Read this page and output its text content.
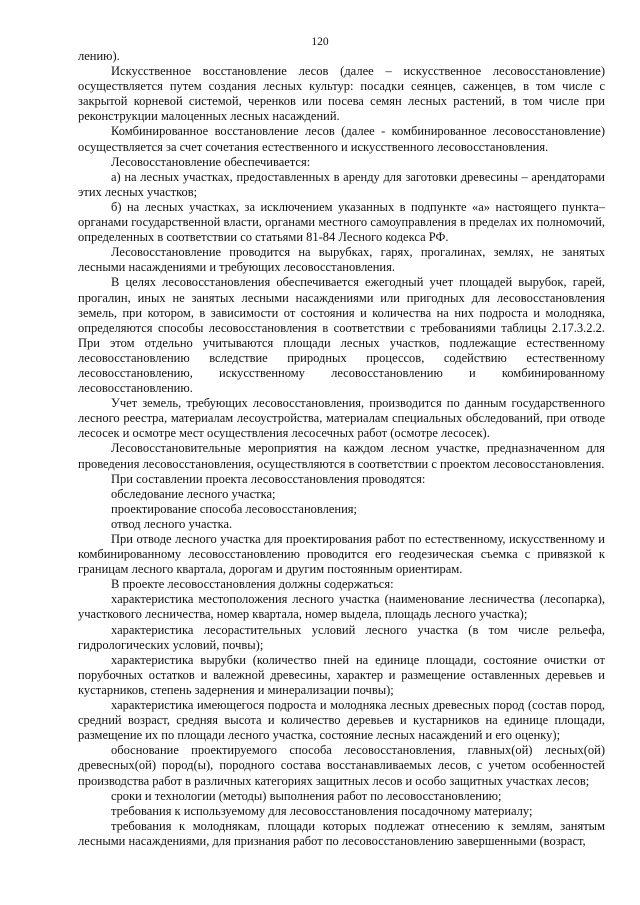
120

лению).

Искусственное восстановление лесов (далее – искусственное лесовосстановление) осуществляется путем создания лесных культур: посадки сеянцев, саженцев, в том числе с закрытой корневой системой, черенков или посева семян лесных растений, в том числе при реконструкции малоценных лесных насаждений.

Комбинированное восстановление лесов (далее - комбинированное лесовосстановление) осуществляется за счет сочетания естественного и искусственного лесовосстановления.

Лесовосстановление обеспечивается:

а) на лесных участках, предоставленных в аренду для заготовки древесины – арендаторами этих лесных участков;

б) на лесных участках, за исключением указанных в подпункте «а» настоящего пункта– органами государственной власти, органами местного самоуправления в пределах их полномочий, определенных в соответствии со статьями 81-84 Лесного кодекса РФ.

Лесовосстановление проводится на вырубках, гарях, прогалинах, землях, не занятых лесными насаждениями и требующих лесовосстановления.

В целях лесовосстановления обеспечивается ежегодный учет площадей вырубок, гарей, прогалин, иных не занятых лесными насаждениями или пригодных для лесовосстановления земель, при котором, в зависимости от состояния и количества на них подроста и молодняка, определяются способы лесовосстановления в соответствии с требованиями таблицы 2.17.3.2.2. При этом отдельно учитываются площади лесных участков, подлежащие естественному лесовосстановлению вследствие природных процессов, содействию естественному лесовосстановлению, искусственному лесовосстановлению и комбинированному лесовосстановлению.

Учет земель, требующих лесовосстановления, производится по данным государственного лесного реестра, материалам лесоустройства, материалам специальных обследований, при отводе лесосек и осмотре мест осуществления лесосечных работ (осмотре лесосек).

Лесовосстановительные мероприятия на каждом лесном участке, предназначенном для проведения лесовосстановления, осуществляются в соответствии с проектом лесовосстановления.

При составлении проекта лесовосстановления проводятся:

обследование лесного участка;

проектирование способа лесовосстановления;

отвод лесного участка.

При отводе лесного участка для проектирования работ по естественному, искусственному и комбинированному лесовосстановлению проводится его геодезическая съемка с привязкой к границам лесного квартала, дорогам и другим постоянным ориентирам.

В проекте лесовосстановления должны содержаться:

характеристика местоположения лесного участка (наименование лесничества (лесопарка), участкового лесничества, номер квартала, номер выдела, площадь лесного участка);

характеристика лесорастительных условий лесного участка (в том числе рельефа, гидрологических условий, почвы);

характеристика вырубки (количество пней на единице площади, состояние очистки от порубочных остатков и валежной древесины, характер и размещение оставленных деревьев и кустарников, степень задернения и минерализации почвы);

характеристика имеющегося подроста и молодняка лесных древесных пород (состав пород, средний возраст, средняя высота и количество деревьев и кустарников на единице площади, размещение их по площади лесного участка, состояние лесных насаждений и его оценку);

обоснование проектируемого способа лесовосстановления, главных(ой) лесных(ой) древесных(ой) пород(ы), породного состава восстанавливаемых лесов, с учетом особенностей производства работ в различных категориях защитных лесов и особо защитных участках лесов;

сроки и технологии (методы) выполнения работ по лесовосстановлению;

требования к используемому для лесовосстановления посадочному материалу;

требования к молоднякам, площади которых подлежат отнесению к землям, занятым лесными насаждениями, для признания работ по лесовосстановлению завершенными (возраст,
